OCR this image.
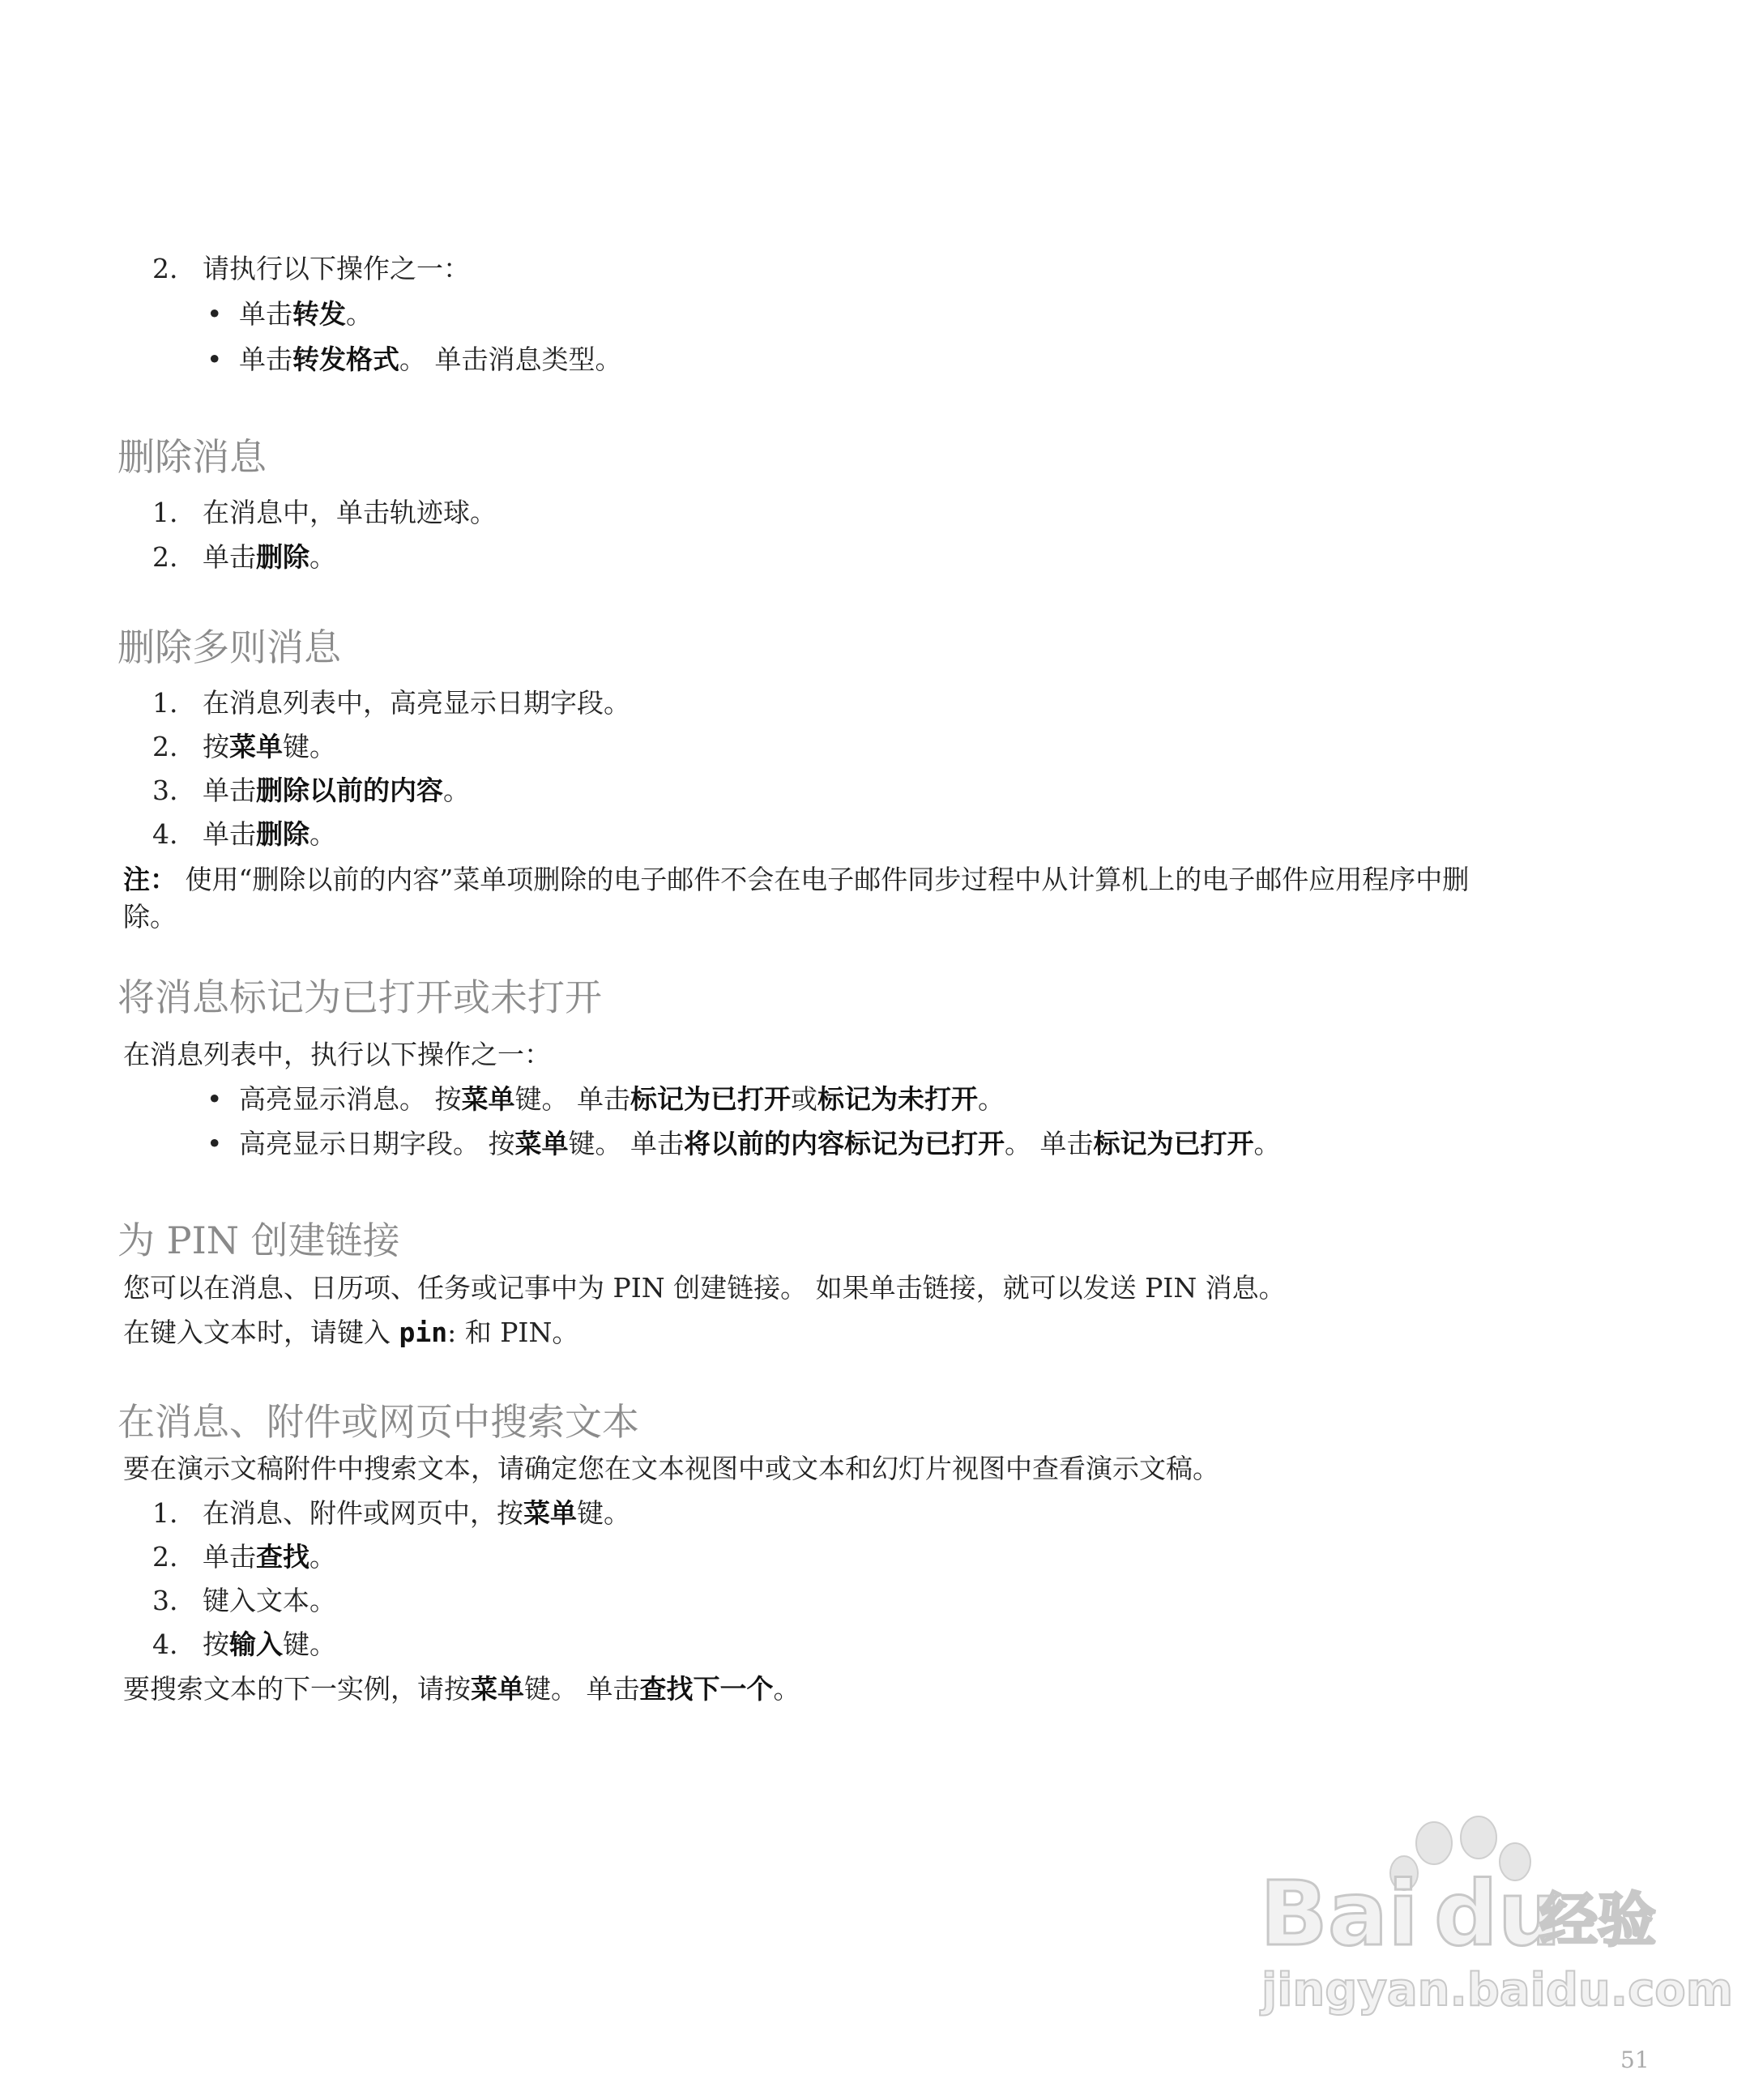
2. 请执行以下操作之一：
• 单击转发。
• 单击转发格式。 单击消息类型。
删除消息
1. 在消息中，单击轨迹球。
2. 单击删除。
删除多则消息
1. 在消息列表中，高亮显示日期字段。
2. 按菜单键。
3. 单击删除以前的内容。
4. 单击删除。
注： 使用“删除以前的内容”菜单项删除的电子邮件不会在电子邮件同步过程中从计算机上的电子邮件应用程序中删
除。
将消息标记为已打开或未打开
在消息列表中，执行以下操作之一：
• 高亮显示消息。 按菜单键。 单击标记为已打开或标记为未打开。
• 高亮显示日期字段。 按菜单键。 单击将以前的内容标记为已打开。 单击标记为已打开。
为 PIN 创建链接
您可以在消息、日历项、任务或记事中为 PIN 创建链接。 如果单击链接，就可以发送 PIN 消息。
在键入文本时，请键入 pin: 和 PIN。
在消息、附件或网页中搜索文本
要在演示文稿附件中搜索文本，请确定您在文本视图中或文本和幻灯片视图中查看演示文稿。
1. 在消息、附件或网页中，按菜单键。
2. 单击查找。
3. 键入文本。
4. 按输入键。
要搜索文本的下一实例，请按菜单键。 单击查找下一个。
Bai du
经验
jingyan.baidu.com
51
